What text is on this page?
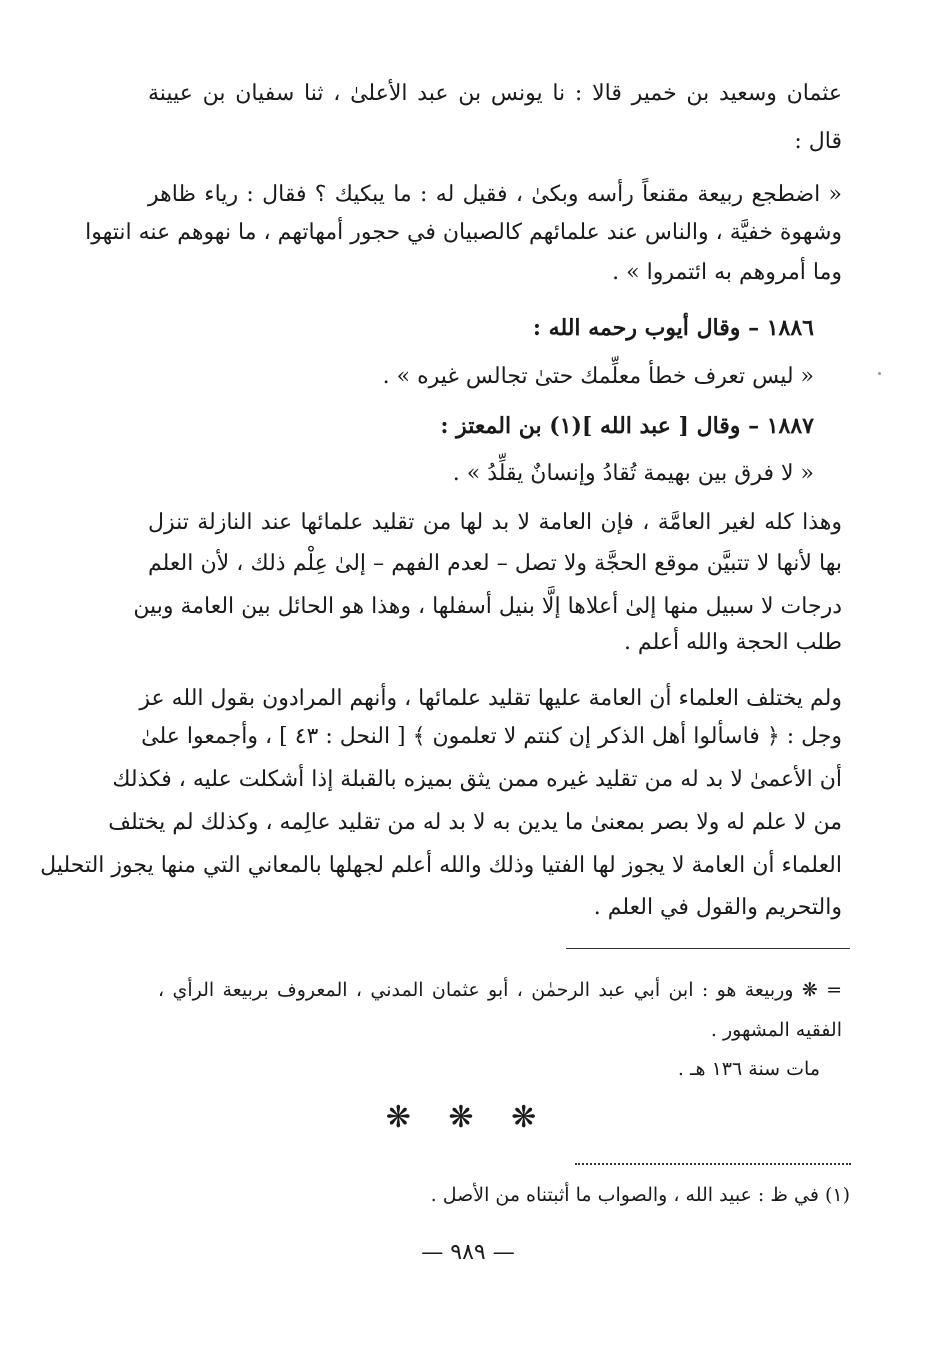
عثمان وسعيد بن خمير قالا : نا يونس بن عبد الأعلىٰ ، ثنا سفيان بن عيينة
قال :
« اضطجع ربيعة مقنعاً رأسه وبكىٰ ، فقيل له : ما يبكيك ؟ فقال : رياء ظاهر
وشهوة خفيَّة ، والناس عند علمائهم كالصبيان في حجور أمهاتهم ، ما نهوهم عنه انتهوا
وما أمروهم به ائتمروا » .
١٨٨٦ – وقال أيوب رحمه الله :
« ليس تعرف خطأ معلِّمك حتىٰ تجالس غيره » .
١٨٨٧ – وقال [ عبد الله ](١) بن المعتز :
« لا فرق بين بهيمة تُقادُ وإنسانٌ يقلِّدُ » .
وهذا كله لغير العامَّة ، فإن العامة لا بد لها من تقليد علمائها عند النازلة تنزل
بها لأنها لا تتبيَّن موقع الحجَّة ولا تصل – لعدم الفهم – إلىٰ عِلْم ذلك ، لأن العلم
درجات لا سبيل منها إلىٰ أعلاها إلَّا بنيل أسفلها ، وهذا هو الحائل بين العامة وبين
طلب الحجة والله أعلم .
ولم يختلف العلماء أن العامة عليها تقليد علمائها ، وأنهم المرادون بقول الله عز
وجل : ﴿ فاسألوا أهل الذكر إن كنتم لا تعلمون ﴾ [ النحل : ٤٣ ] ، وأجمعوا علىٰ
أن الأعمىٰ لا بد له من تقليد غيره ممن يثق بميزه بالقبلة إذا أشكلت عليه ، فكذلك
من لا علم له ولا بصر بمعنىٰ ما يدين به لا بد له من تقليد عالِمه ، وكذلك لم يختلف
العلماء أن العامة لا يجوز لها الفتيا وذلك والله أعلم لجهلها بالمعاني التي منها يجوز التحليل
والتحريم والقول في العلم .
= ❋ وربيعة هو : ابن أبي عبد الرحمٰن ، أبو عثمان المدني ، المعروف بربيعة الرأي ،
الفقيه المشهور .
مات سنة ١٣٦ هـ .
❋ ❋ ❋
(١) في ظ : عبيد الله ، والصواب ما أثبتناه من الأصل .
— ٩٨٩ —
